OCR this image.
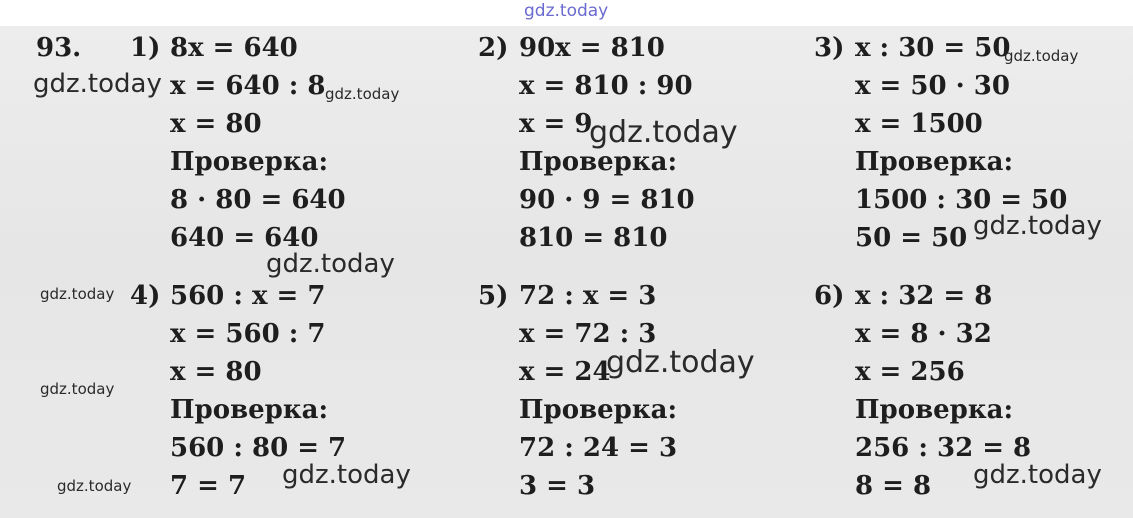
gdz.today
93. 1) 8x = 640
x = 640 : 8
x = 80
Проверка:
8 · 80 = 640
640 = 640
2) 90x = 810
x = 810 : 90
x = 9
Проверка:
90 · 9 = 810
810 = 810
3) x : 30 = 50
x = 50 · 30
x = 1500
Проверка:
1500 : 30 = 50
50 = 50
4) 560 : x = 7
x = 560 : 7
x = 80
Проверка:
560 : 80 = 7
7 = 7
5) 72 : x = 3
x = 72 : 3
x = 24
Проверка:
72 : 24 = 3
3 = 3
6) x : 32 = 8
x = 8 · 32
x = 256
Проверка:
256 : 32 = 8
8 = 8
gdz.today	gdz.today
gdz.today
gdz.today
gdz.today
gdz.today
gdz.today
gdz.today
gdz.today
gdz.today
gdz.today	gdz.today
